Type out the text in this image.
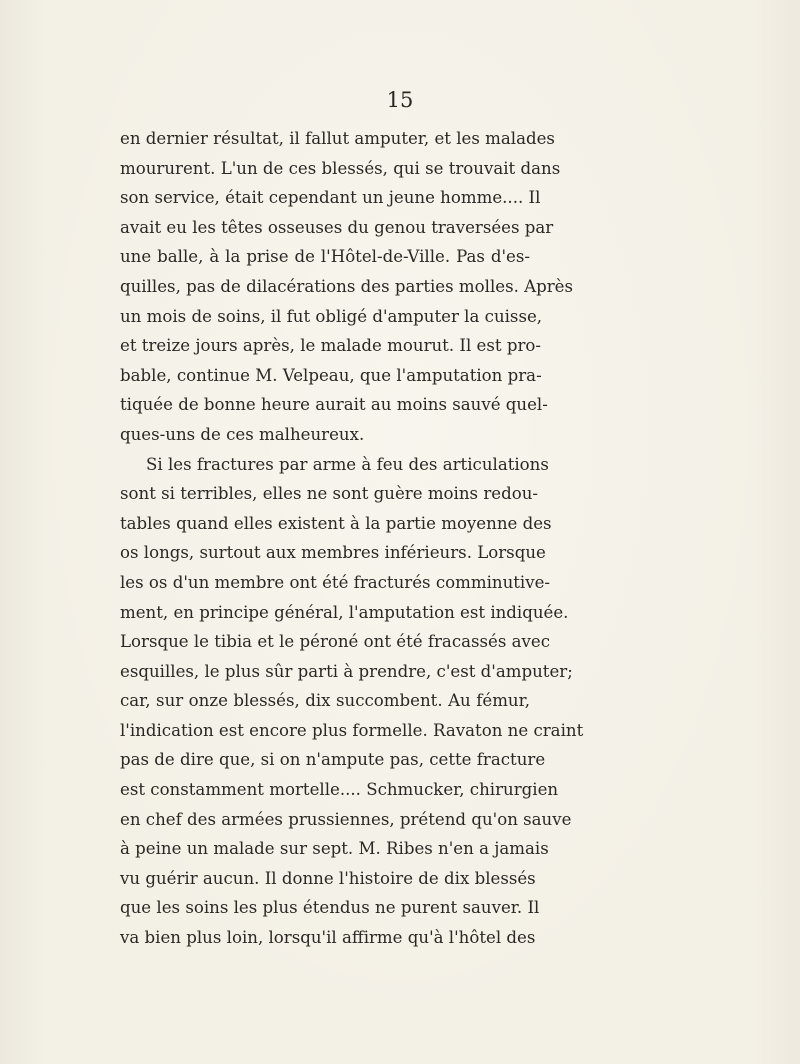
15
en dernier résultat, il fallut amputer, et les malades
moururent. L'un de ces blessés, qui se trouvait dans
son service, était cependant un jeune homme.... Il
avait eu les têtes osseuses du genou traversées par
une balle, à la prise de l'Hôtel-de-Ville. Pas d'es-
quilles, pas de dilacérations des parties molles. Après
un mois de soins, il fut obligé d'amputer la cuisse,
et treize jours après, le malade mourut. Il est pro-
bable, continue M. Velpeau, que l'amputation pra-
tiquée de bonne heure aurait au moins sauvé quel-
ques-uns de ces malheureux.
Si les fractures par arme à feu des articulations
sont si terribles, elles ne sont guère moins redou-
tables quand elles existent à la partie moyenne des
os longs, surtout aux membres inférieurs. Lorsque
les os d'un membre ont été fracturés comminutive-
ment, en principe général, l'amputation est indiquée.
Lorsque le tibia et le péroné ont été fracassés avec
esquilles, le plus sûr parti à prendre, c'est d'amputer;
car, sur onze blessés, dix succombent. Au fémur,
l'indication est encore plus formelle. Ravaton ne craint
pas de dire que, si on n'ampute pas, cette fracture
est constamment mortelle.... Schmucker, chirurgien
en chef des armées prussiennes, prétend qu'on sauve
à peine un malade sur sept. M. Ribes n'en a jamais
vu guérir aucun. Il donne l'histoire de dix blessés
que les soins les plus étendus ne purent sauver. Il
va bien plus loin, lorsqu'il affirme qu'à l'hôtel des
